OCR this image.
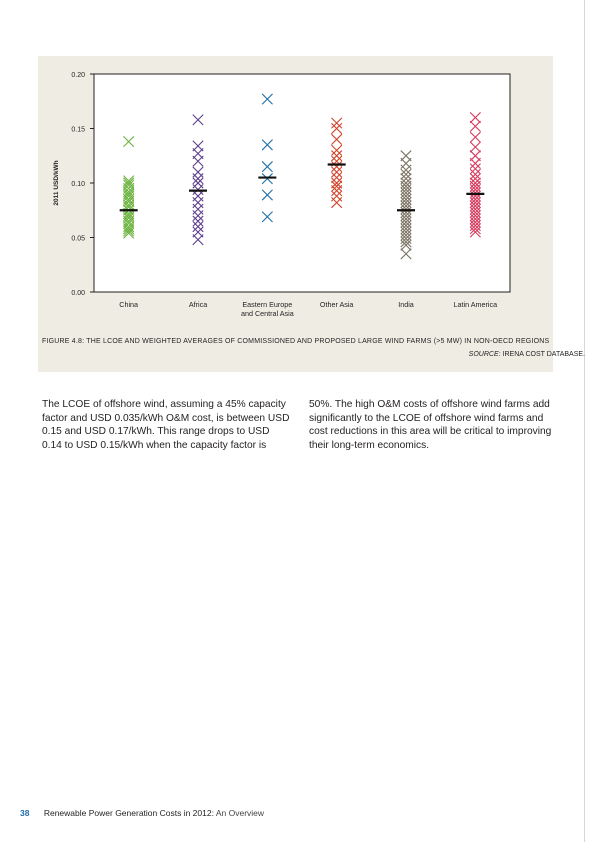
0.00
0.05
0.10
0.15
0.20
2011 USD/kWh
China	Africa	Eastern Europe
and Central Asia
Other Asia	India	Latin America
FIGURE 4.8: THE LCOE AND WEIGHTED AVERAGES OF COMMISSIONED AND PROPOSED LARGE WIND FARMS (>5 MW) IN NON-OECD REGIONS
SOURCE: IRENA COST DATABASE.
The LCOE of offshore wind, assuming a 45% capacity factor and USD 0.035/kWh O&M cost, is between USD 0.15 and USD 0.17/kWh. This range drops to USD 0.14 to USD 0.15/kWh when the capacity factor is
50%. The high O&M costs of offshore wind farms add significantly to the LCOE of offshore wind farms and cost reductions in this area will be critical to improving their long-term economics.
38 Renewable Power Generation Costs in 2012: An Overview
